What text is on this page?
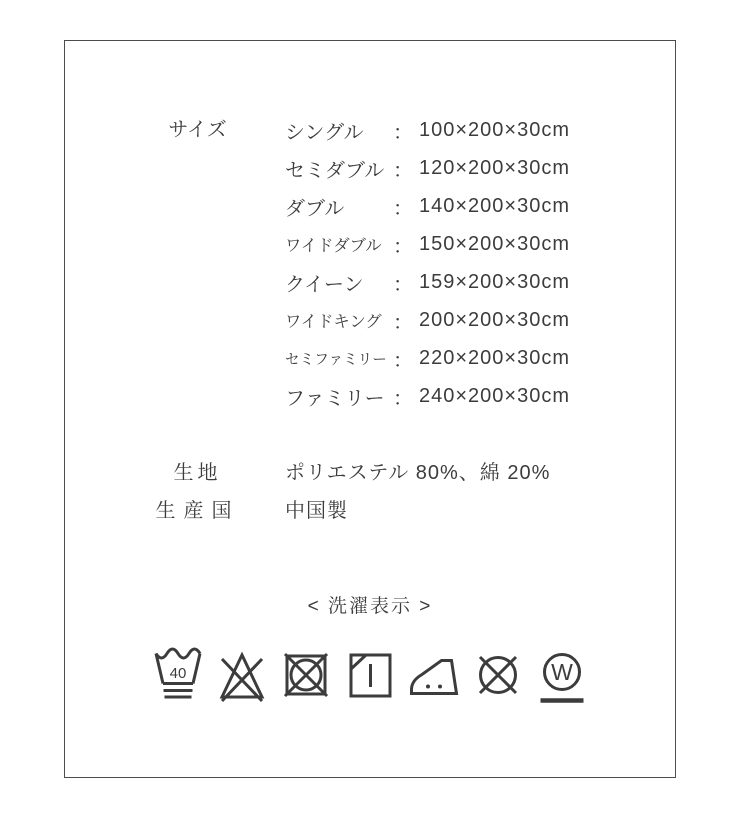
サイズ	シングル	： 100×200×30cm
セミダブル ： 120×200×30cm
ダブル	： 140×200×30cm
ワイドダブル ： 150×200×30cm
クイーン	： 159×200×30cm
ワイドキング ： 200×200×30cm
セミファミリー ： 220×200×30cm
ファミリー ： 240×200×30cm
生地	ポリエステル 80%、綿 20%
生産国	中国製
< 洗濯表示 >
40	W
